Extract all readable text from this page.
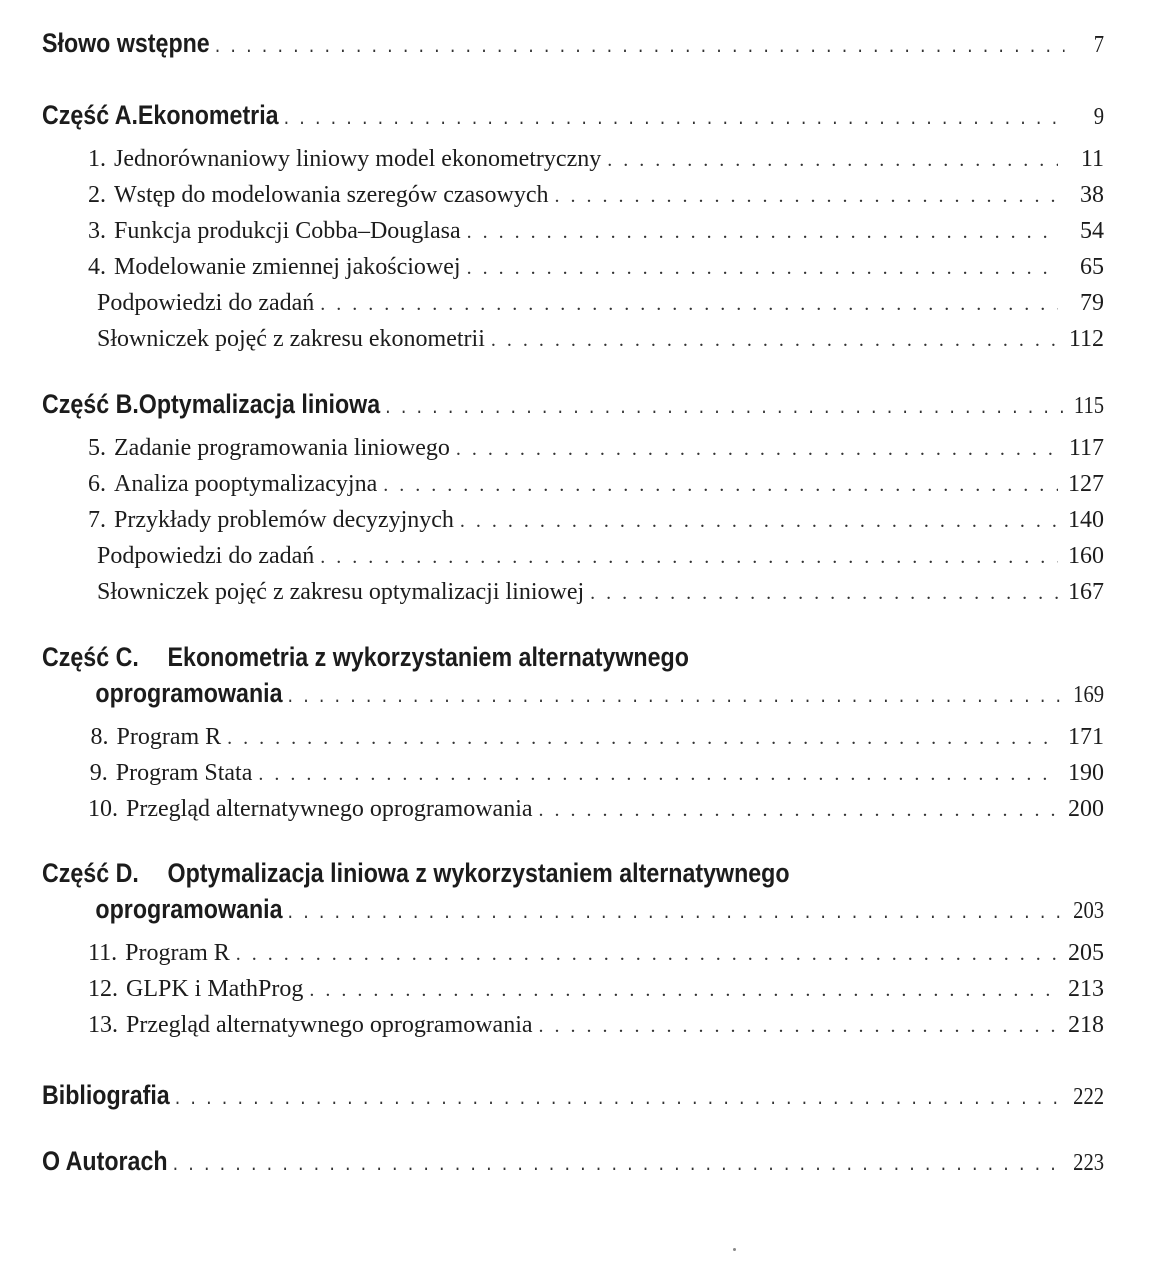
Słowo wstępne . . .	7
Część A. Ekonometria . . .	9
1. Jednorównaniowy liniowy model ekonometryczny . . .	11
2. Wstęp do modelowania szeregów czasowych . . .	38
3. Funkcja produkcji Cobba–Douglasa . . .	54
4. Modelowanie zmiennej jakościowej . . .	65
Podpowiedzi do zadań . . .	79
Słowniczek pojęć z zakresu ekonometrii . . .	112
Część B. Optymalizacja liniowa . . .	115
5. Zadanie programowania liniowego . . .	117
6. Analiza pooptymalizacyjna . . .	127
7. Przykłady problemów decyzyjnych . . .	140
Podpowiedzi do zadań . . .	160
Słowniczek pojęć z zakresu optymalizacji liniowej . . .	167
Część C. Ekonometria z wykorzystaniem alternatywnego
oprogramowania . . .	169
8. Program R . . .	171
9. Program Stata . . .	190
10. Przegląd alternatywnego oprogramowania . . .	200
Część D. Optymalizacja liniowa z wykorzystaniem alternatywnego
oprogramowania . . .	203
11. Program R . . .	205
12. GLPK i MathProg . . .	213
13. Przegląd alternatywnego oprogramowania . . .	218
Bibliografia . . .	222
O Autorach . . .	223
